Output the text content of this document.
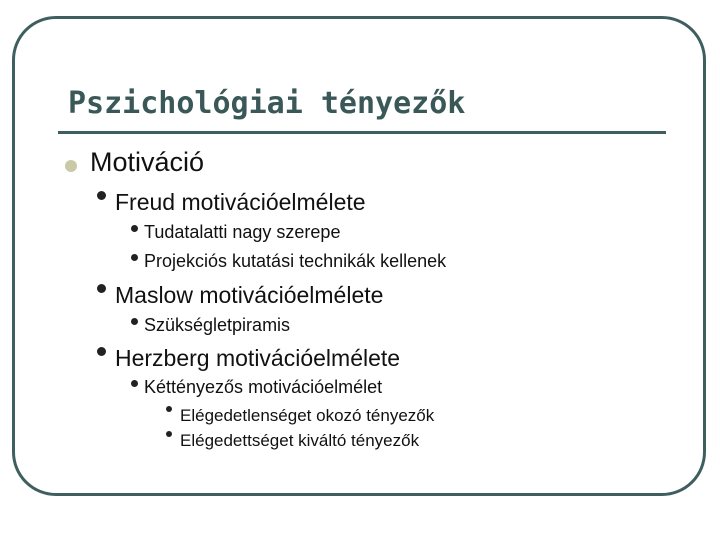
Pszichológiai tényezők
Motiváció
Freud motivációelmélete
Tudatalatti nagy szerepe
Projekciós kutatási technikák kellenek
Maslow motivációelmélete
Szükségletpiramis
Herzberg motivációelmélete
Kéttényezős motivációelmélet
Elégedetlenséget okozó tényezők
Elégedettséget kiváltó tényezők
